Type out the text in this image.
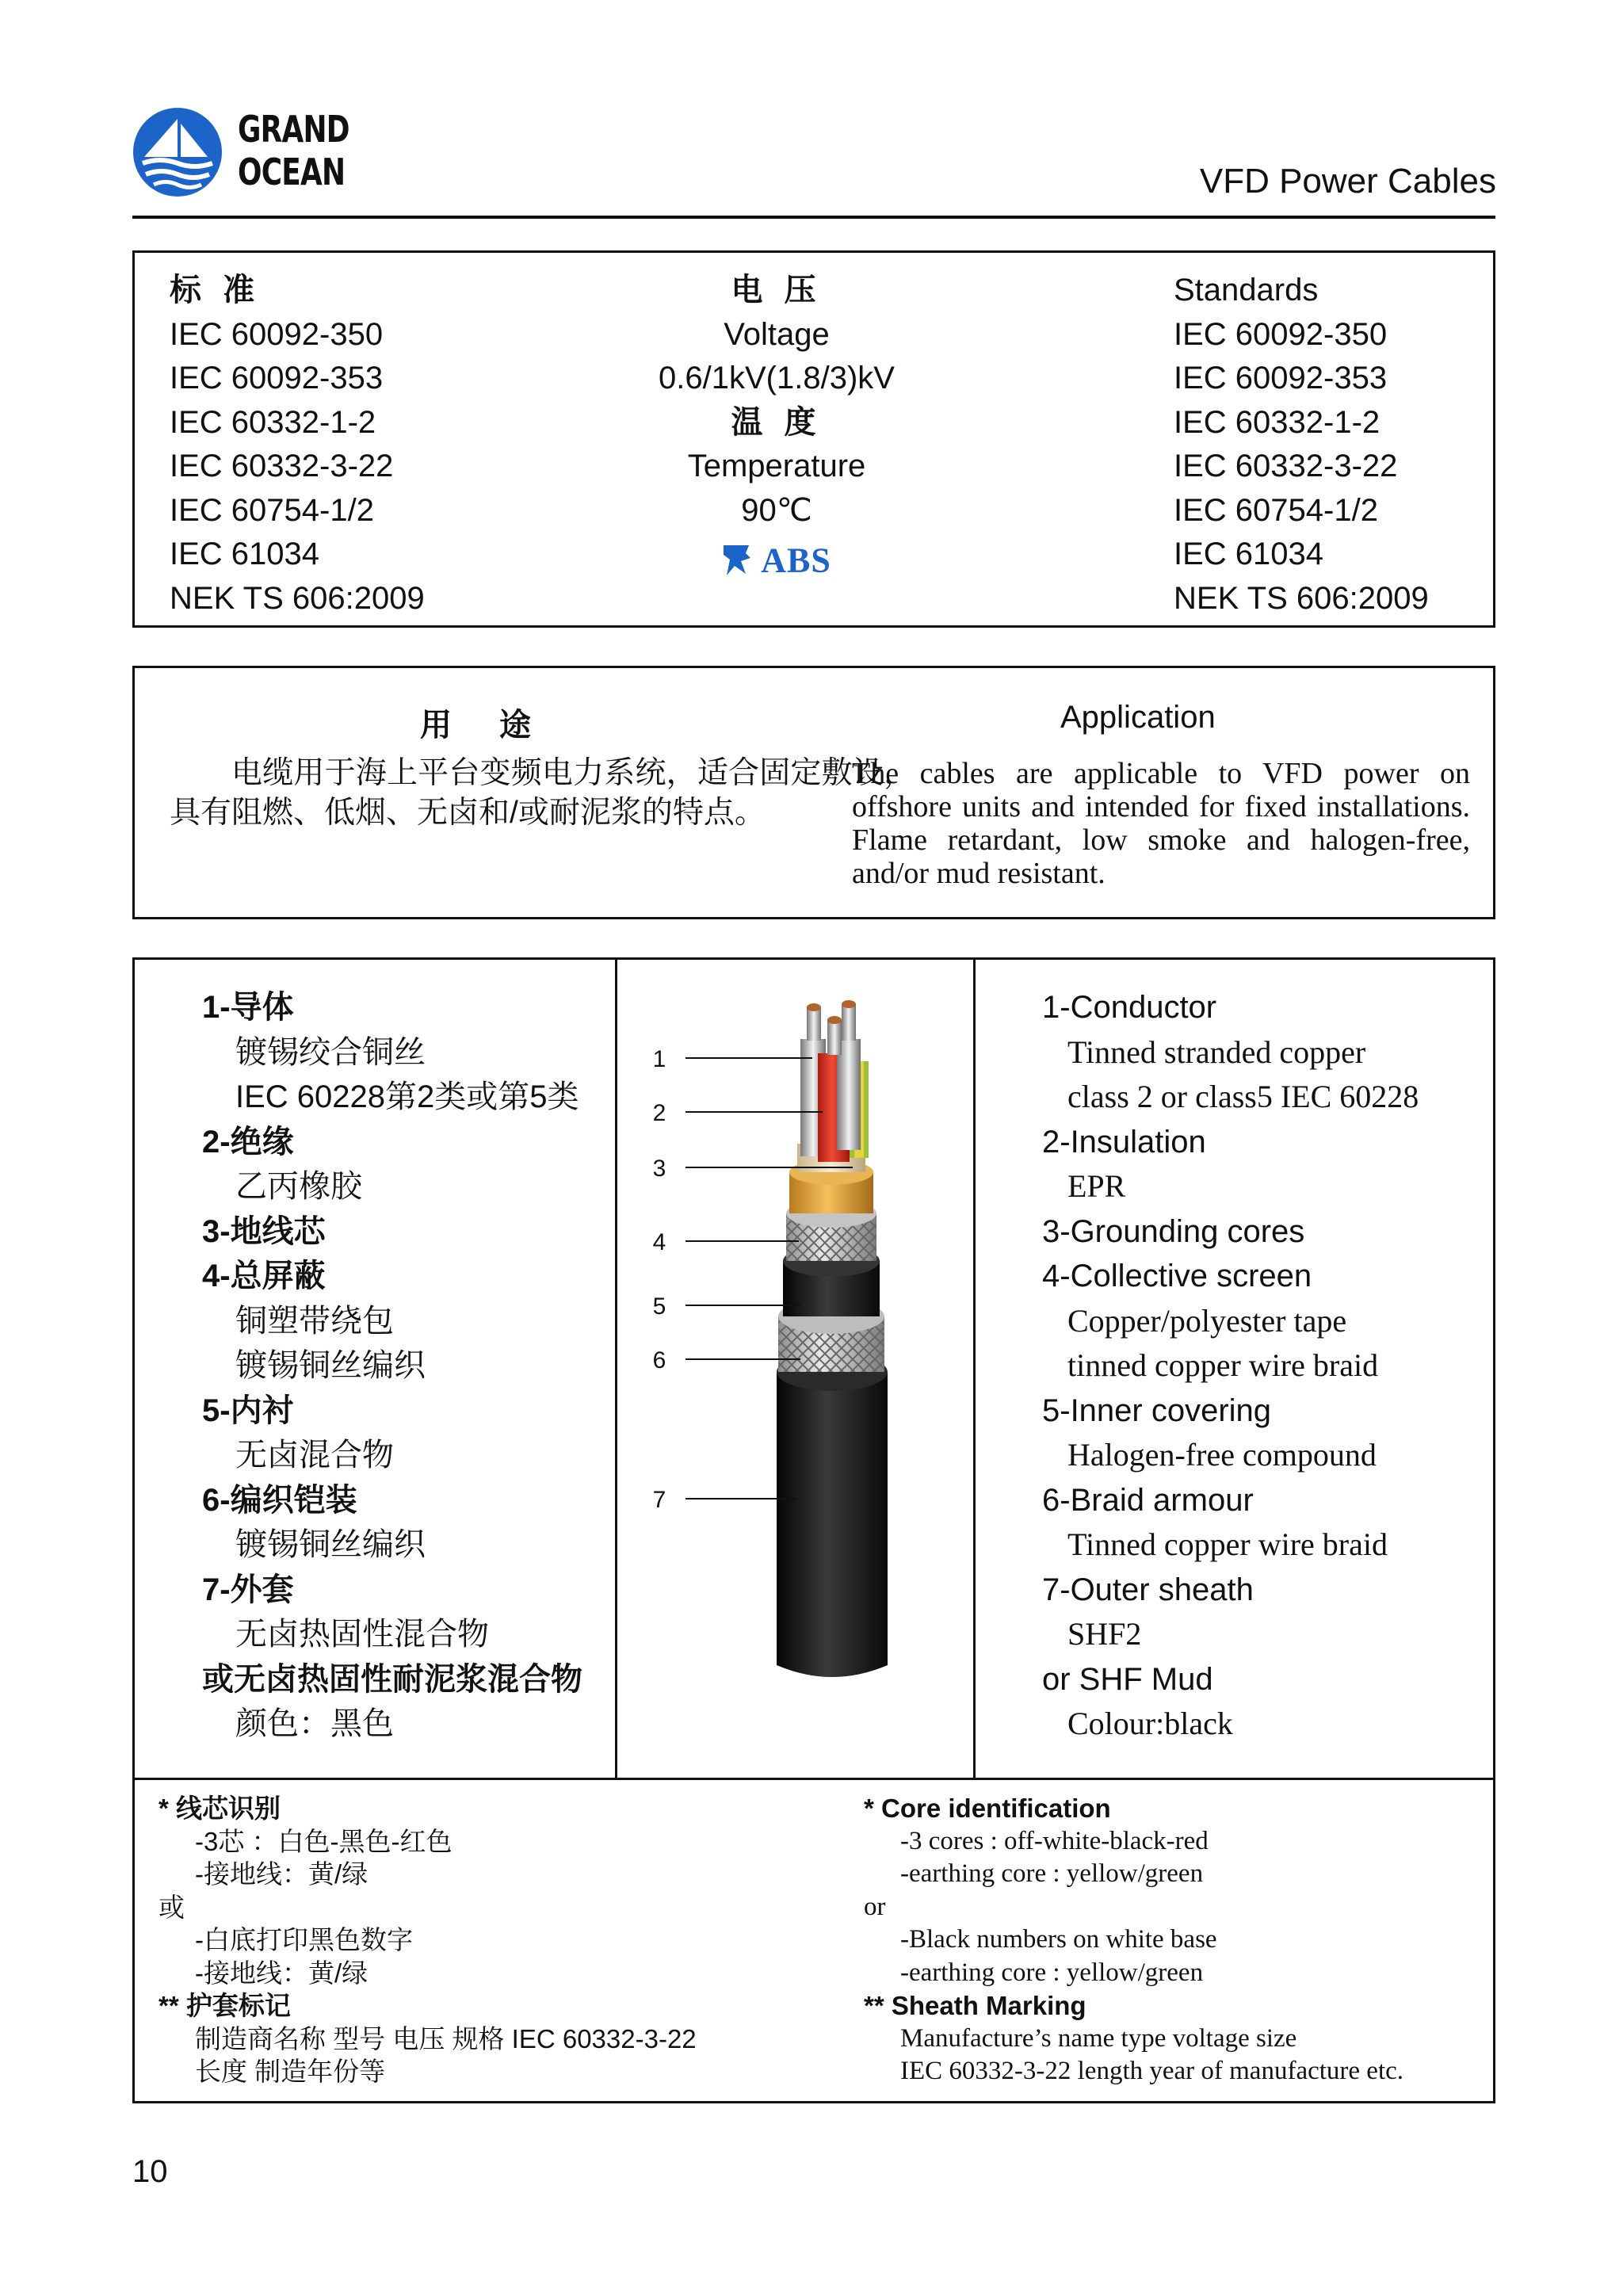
GRAND
OCEAN	VFD Power Cables
标 准
IEC 60092-350
IEC 60092-353
IEC 60332-1-2
IEC 60332-3-22
IEC 60754-1/2
IEC 61034
NEK TS 606:2009
电 压
Voltage
0.6/1kV(1.8/3)kV
温 度
Temperature
90℃
ABS
Standards
IEC 60092-350
IEC 60092-353
IEC 60332-1-2
IEC 60332-3-22
IEC 60754-1/2
IEC 61034
NEK TS 606:2009
用途	Application
电缆用于海上平台变频电力系统，适合固定敷设，具有阻燃、低烟、无卤和/或耐泥浆的特点。
The cables are applicable to VFD power on offshore units and intended for fixed installations. Flame retardant, low smoke and halogen-free, and/or mud resistant.
1-导体
镀锡绞合铜丝
IEC 60228第2类或第5类
2-绝缘
乙丙橡胶
3-地线芯
4-总屏蔽
铜塑带绕包
镀锡铜丝编织
5-内衬
无卤混合物
6-编织铠装
镀锡铜丝编织
7-外套
无卤热固性混合物
或无卤热固性耐泥浆混合物
颜色：黑色
1
2
3
4
5
6
7
1-Conductor
Tinned stranded copper
class 2 or class5 IEC 60228
2-Insulation
EPR
3-Grounding cores
4-Collective screen
Copper/polyester tape
tinned copper wire braid
5-Inner covering
Halogen-free compound
6-Braid armour
Tinned copper wire braid
7-Outer sheath
SHF2
or SHF Mud
Colour:black
* 线芯识别
-3芯 ：白色-黑色-红色
-接地线：黄/绿
或
-白底打印黑色数字
-接地线：黄/绿
** 护套标记
制造商名称 型号 电压 规格 IEC 60332-3-22
长度 制造年份等
* Core identification
-3 cores : off-white-black-red
-earthing core : yellow/green
or
-Black numbers on white base
-earthing core : yellow/green
** Sheath Marking
Manufacture’s name type voltage size
IEC 60332-3-22 length year of manufacture etc.
10
